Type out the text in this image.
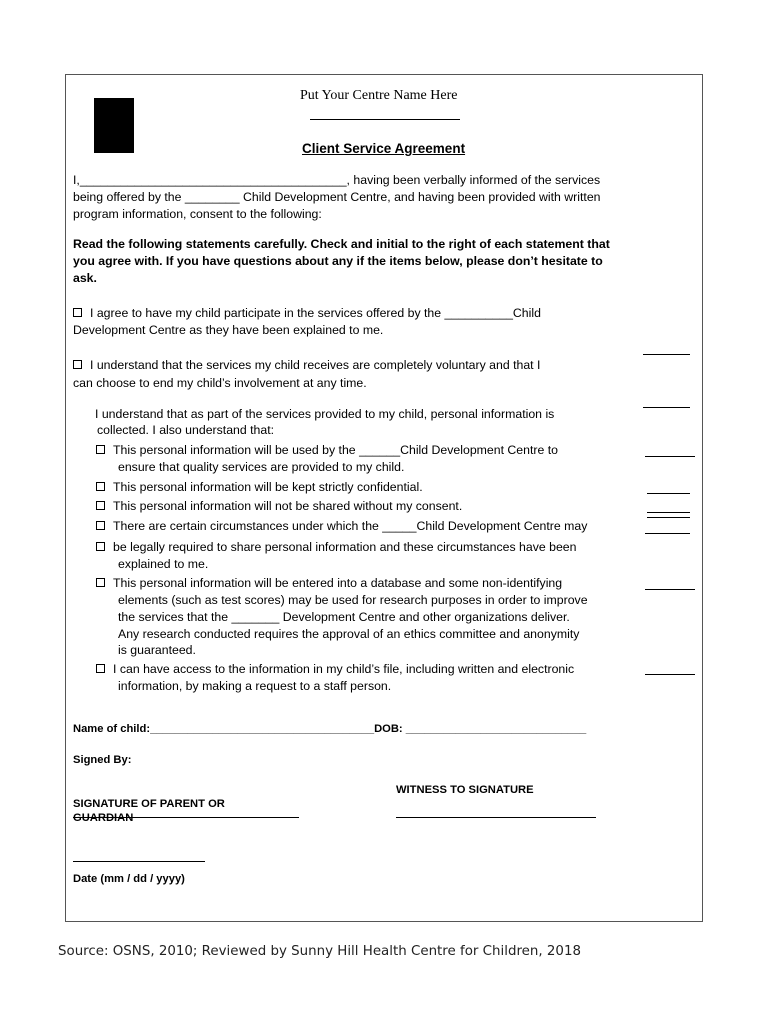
Put Your Centre Name Here
Client Service Agreement
I,_______________________________________, having been verbally informed of the services
being offered by the ________ Child Development Centre, and having been provided with written
program information, consent to the following:
Read the following statements carefully. Check and initial to the right of each statement that
you agree with. If you have questions about any if the items below, please don’t hesitate to
ask.
I agree to have my child participate in the services offered by the __________Child
Development Centre as they have been explained to me.
I understand that the services my child receives are completely voluntary and that I
can choose to end my child’s involvement at any time.
I understand that as part of the services provided to my child, personal information is
collected. I also understand that:
This personal information will be used by the ______Child Development Centre to
ensure that quality services are provided to my child.
This personal information will be kept strictly confidential.
This personal information will not be shared without my consent.
There are certain circumstances under which the _____Child Development Centre may
be legally required to share personal information and these circumstances have been
explained to me.
This personal information will be entered into a database and some non-identifying
elements (such as test scores) may be used for research purposes in order to improve
the services that the _______ Development Centre and other organizations deliver.
Any research conducted requires the approval of an ethics committee and anonymity
is guaranteed.
I can have access to the information in my child’s file, including written and electronic
information, by making a request to a staff person.
Name of child:____________________________________DOB: _____________________________
Signed By:
WITNESS TO SIGNATURE
SIGNATURE OF PARENT OR
GUARDIAN
Date (mm / dd / yyyy)
Source: OSNS, 2010; Reviewed by Sunny Hill Health Centre for Children, 2018
